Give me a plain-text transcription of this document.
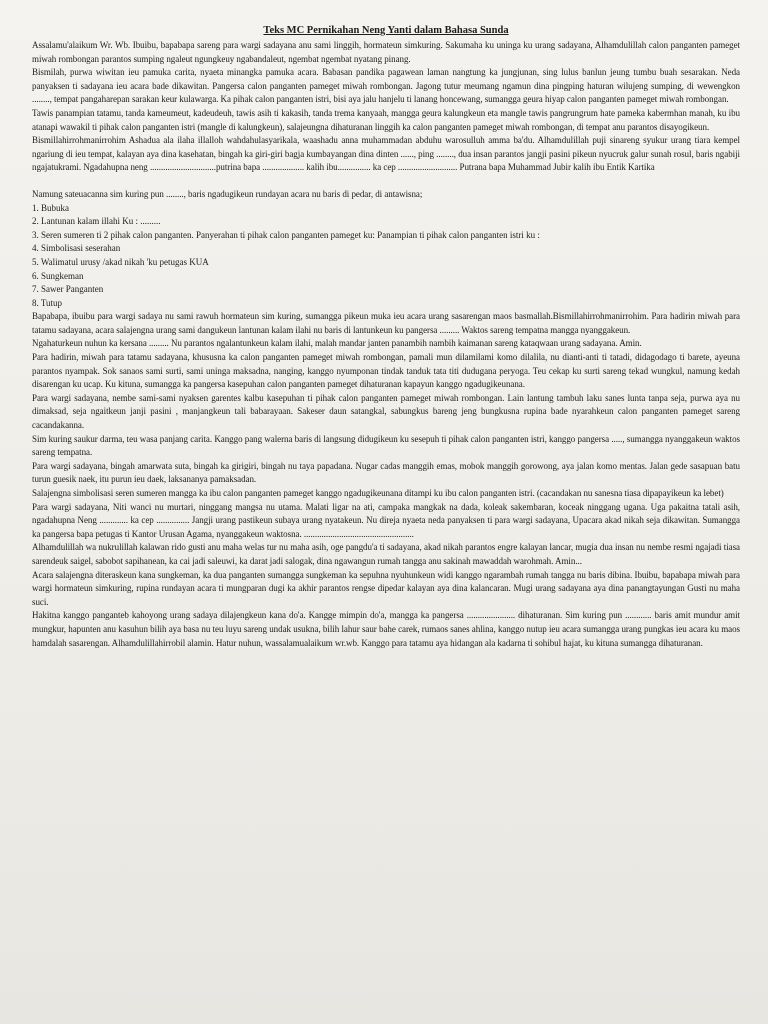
Teks MC Pernikahan Neng Yanti dalam Bahasa Sunda

Assalamu'alaikum Wr. Wb. Ibuibu, bapabapa sareng para wargi sadayana anu sami linggih, hormateun simkuring. Sakumaha ku uninga ku urang sadayana, Alhamdulillah calon panganten pameget miwah rombongan parantos sumping ngaleut ngungkeuy ngabandaleut, ngembat ngembat nyatang pinang.

Bismilah, purwa wiwitan ieu pamuka carita, nyaeta minangka pamuka acara. Babasan pandika pagawean laman nangtung ka jungjunan, sing lulus banlun jeung tumbu buah sesarakan. Neda panyaksen ti sadayana ieu acara bade dikawitan. Pangersa calon panganten pameget miwah rombongan. Jagong tutur meumang ngamun dina pingping haturan wilujeng sumping, di wewengkon ........, tempat pangaharepan sarakan keur kulawarga. Ka pihak calon panganten istri, bisi aya jalu hanjelu ti lanang honcewang, sumangga geura hiyap calon panganten pameget miwah rombongan.

Tawis panampian tatamu, tanda kameumeut, kadeudeuh, tawis asih ti kakasih, tanda trema kanyaah, mangga geura kalungkeun eta mangle tawis pangrungrum hate pameka kabermhan manah, ku ibu atanapi wawakil ti pihak calon panganten istri (mangle di kalungkeun), salajeungna dihaturanan linggih ka calon panganten pameget miwah rombongan, di tempat anu parantos disayogikeun.

Bismillahirrohmanirrohim Ashadua ala ilaha illalloh wahdahulasyarikala, waashadu anna muhammadan abduhu warosulluh amma ba'du. Alhamdulillah puji sinareng syukur urang tiara kempel ngariung di ieu tempat, kalayan aya dina kasehatan, bingah ka giri-giri bagja kumbayangan dina dinten ......, ping ........, dua insan parantos jangji pasini pikeun nyucruk galur sunah rosul, baris ngabiji ngajatukrami. Ngadahupna neng ..............................putrina bapa ................... kalih ibu............... ka cep ........................... Putrana bapa Muhammad Jubir kalih ibu Entik Kartika

Namung sateuacanna sim kuring pun ........, baris ngadugikeun rundayan acara nu baris di pedar, di antawisna;

1. Bubuka
2. Lantunan kalam illahi Ku : .........
3. Seren sumeren ti 2 pihak calon panganten. Panyerahan ti pihak calon panganten pameget ku: Panampian ti pihak calon panganten istri ku :
4. Simbolisasi seserahan
5. Walimatul urusy /akad nikah 'ku petugas KUA
6. Sungkeman
7. Sawer Panganten
8. Tutup

Bapabapa, ibuibu para wargi sadaya nu sami rawuh hormateun sim kuring, sumangga pikeun muka ieu acara urang sasarengan maos basmallah.Bismillahirrohmanirrohim. Para hadirin miwah para tatamu sadayana, acara salajengna urang sami dangukeun lantunan kalam ilahi nu baris di lantunkeun ku pangersa ......... Waktos sareng tempatna mangga nyanggakeun.

Ngahaturkeun nuhun ka kersana ......... Nu parantos ngalantunkeun kalam ilahi, malah mandar janten panambih nambih kaimanan sareng kataqwaan urang sadayana. Amin.

Para hadirin, miwah para tatamu sadayana, khususna ka calon panganten pameget miwah rombongan, pamali mun dilamilami komo dilalila, nu dianti-anti ti tatadi, didagodago ti barete, ayeuna parantos nyampak. Sok sanaos sami surti, sami uninga maksadna, nanging, kanggo nyumponan tindak tanduk tata titi dudugana peryoga. Teu cekap ku surti sareng tekad wungkul, namung kedah disarengan ku ucap. Ku kituna, sumangga ka pangersa kasepuhan calon panganten pameget dihaturanan kapayun kanggo ngadugikeunana.

Para wargi sadayana, nembe sami-sami nyaksen garentes kalbu kasepuhan ti pihak calon panganten pameget miwah rombongan. Lain lantung tambuh laku sanes lunta tanpa seja, purwa aya nu dimaksad, seja ngaitkeun janji pasini , manjangkeun tali babarayaan. Sakeser daun satangkal, sabungkus bareng jeng bungkusna rupina bade nyarahkeun calon panganten pameget sareng cacandakanna.

Sim kuring saukur darma, teu wasa panjang carita. Kanggo pang walerna baris di langsung didugikeun ku sesepuh ti pihak calon panganten istri, kanggo pangersa ....., sumangga nyanggakeun waktos sareng tempatna.

Para wargi sadayana, bingah amarwata suta, bingah ka girigiri, bingah nu taya papadana. Nugar cadas manggih emas, mobok manggih gorowong, aya jalan komo mentas. Jalan gede sasapuan batu turun guesik naek, itu purun ieu daek, laksananya pamaksadan.

Salajengna simbolisasi seren sumeren mangga ka ibu calon panganten pameget kanggo ngadugikeunana ditampi ku ibu calon panganten istri. (cacandakan nu sanesna tiasa dipapayikeun ka lebet)

Para wargi sadayana, Niti wanci nu murtari, ninggang mangsa nu utama. Malati ligar na ati, campaka mangkak na dada, koleak sakembaran, koceak ninggang ugana. Uga pakaitna tatali asih, ngadahupna Neng ............. ka cep ............... Jangji urang pastikeun subaya urang nyatakeun. Nu direja nyaeta neda panyaksen ti para wargi sadayana, Upacara akad nikah seja dikawitan. Sumangga ka pangersa bapa petugas ti Kantor Urusan Agama, nyanggakeun waktosna. ..................................................

Alhamdulillah wa nukrulillah kalawan rido gusti anu maha welas tur nu maha asih, oge pangdu'a ti sadayana, akad nikah parantos engre kalayan lancar, mugia dua insan nu nembe resmi ngajadi tiasa sarendeuk saigel, sabobot sapihanean, ka cai jadi saleuwi, ka darat jadi salogak, dina ngawangun rumah tangga anu sakinah mawaddah warohmah. Amin...

Acara salajengna diteraskeun kana sungkeman, ka dua panganten sumangga sungkeman ka sepuhna nyuhunkeun widi kanggo ngarambah rumah tangga nu baris dibina. Ibuibu, bapabapa miwah para wargi hormateun simkuring, rupina rundayan acara ti mungparan dugi ka akhir parantos rengse dipedar kalayan aya dina kalancaran. Mugi urang sadayana aya dina panangtayungan Gusti nu maha suci.

Hakitna kanggo panganteb kahoyong urang sadaya dilajengkeun kana do'a. Kangge mimpin do'a, mangga ka pangersa ...................... dihaturanan. Sim kuring pun ............ baris amit mundur amit mungkur, hapunten anu kasuhun bilih aya basa nu teu luyu sareng undak usukna, bilih lahur saur bahe carek, rumaos sanes ahlina, kanggo nutup ieu acara sumangga urang pungkas ieu acara ku maos hamdalah sasarengan. Alhamdulillahirrobil alamin. Hatur nuhun, wassalamualaikum wr.wb. Kanggo para tatamu aya hidangan ala kadarna ti sohibul hajat, ku kituna sumangga dihaturanan.
